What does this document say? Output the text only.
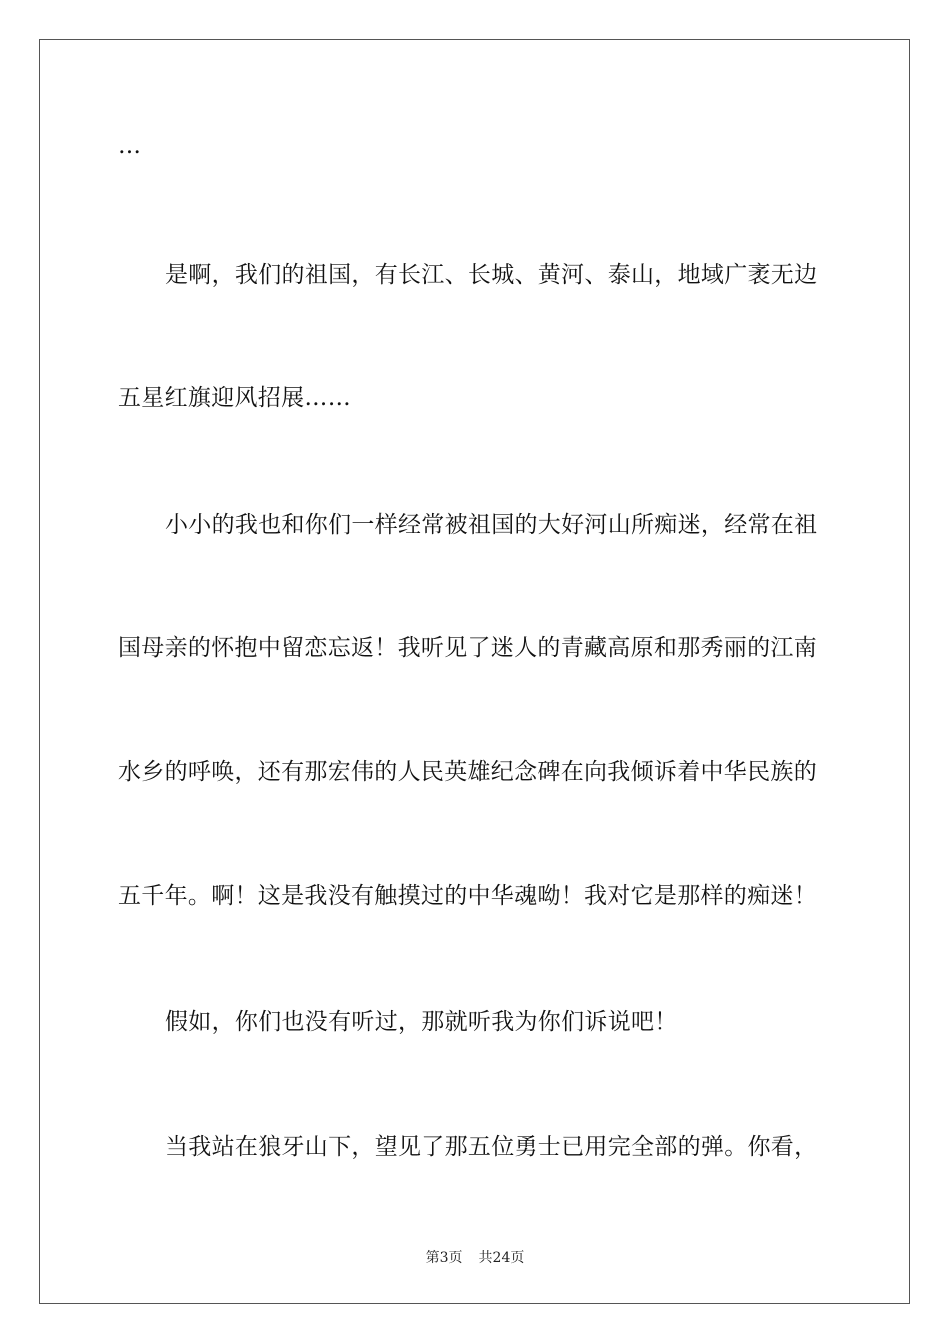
…
是啊，我们的祖国，有长江、长城、黄河、泰山，地域广袤无边
五星红旗迎风招展……
小小的我也和你们一样经常被祖国的大好河山所痴迷，经常在祖
国母亲的怀抱中留恋忘返！我听见了迷人的青藏高原和那秀丽的江南
水乡的呼唤，还有那宏伟的人民英雄纪念碑在向我倾诉着中华民族的
五千年。啊！这是我没有触摸过的中华魂呦！我对它是那样的痴迷！
假如，你们也没有听过，那就听我为你们诉说吧！
当我站在狼牙山下，望见了那五位勇士已用完全部的弹。你看，
第3页 共24页
